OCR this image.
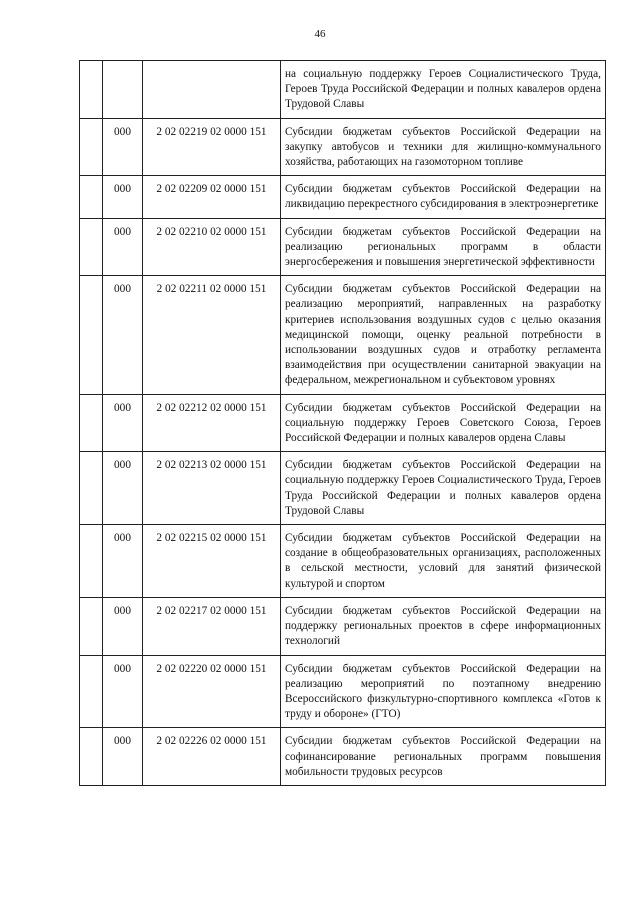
46
			на социальную поддержку Героев Социалистического Труда, Героев Труда Российской Федерации и полных кавалеров ордена Трудовой Славы
	000	2 02 02219 02 0000 151	Субсидии бюджетам субъектов Российской Федерации на закупку автобусов и техники для жилищно-коммунального хозяйства, работающих на газомоторном топливе
	000	2 02 02209 02 0000 151	Субсидии бюджетам субъектов Российской Федерации на ликвидацию перекрестного субсидирования в электроэнергетике
	000	2 02 02210 02 0000 151	Субсидии бюджетам субъектов Российской Федерации на реализацию региональных программ в области энергосбережения и повышения энергетической эффективности
	000	2 02 02211 02 0000 151	Субсидии бюджетам субъектов Российской Федерации на реализацию мероприятий, направленных на разработку критериев использования воздушных судов с целью оказания медицинской помощи, оценку реальной потребности в использовании воздушных судов и отработку регламента взаимодействия при осуществлении санитарной эвакуации на федеральном, межрегиональном и субъектовом уровнях
	000	2 02 02212 02 0000 151	Субсидии бюджетам субъектов Российской Федерации на социальную поддержку Героев Советского Союза, Героев Российской Федерации и полных кавалеров ордена Славы
	000	2 02 02213 02 0000 151	Субсидии бюджетам субъектов Российской Федерации на социальную поддержку Героев Социалистического Труда, Героев Труда Российской Федерации и полных кавалеров ордена Трудовой Славы
	000	2 02 02215 02 0000 151	Субсидии бюджетам субъектов Российской Федерации на создание в общеобразовательных организациях, расположенных в сельской местности, условий для занятий физической культурой и спортом
	000	2 02 02217 02 0000 151	Субсидии бюджетам субъектов Российской Федерации на поддержку региональных проектов в сфере информационных технологий
	000	2 02 02220 02 0000 151	Субсидии бюджетам субъектов Российской Федерации на реализацию мероприятий по поэтапному внедрению Всероссийского физкультурно-спортивного комплекса «Готов к труду и обороне» (ГТО)
	000	2 02 02226 02 0000 151	Субсидии бюджетам субъектов Российской Федерации на софинансирование региональных программ повышения мобильности трудовых ресурсов
